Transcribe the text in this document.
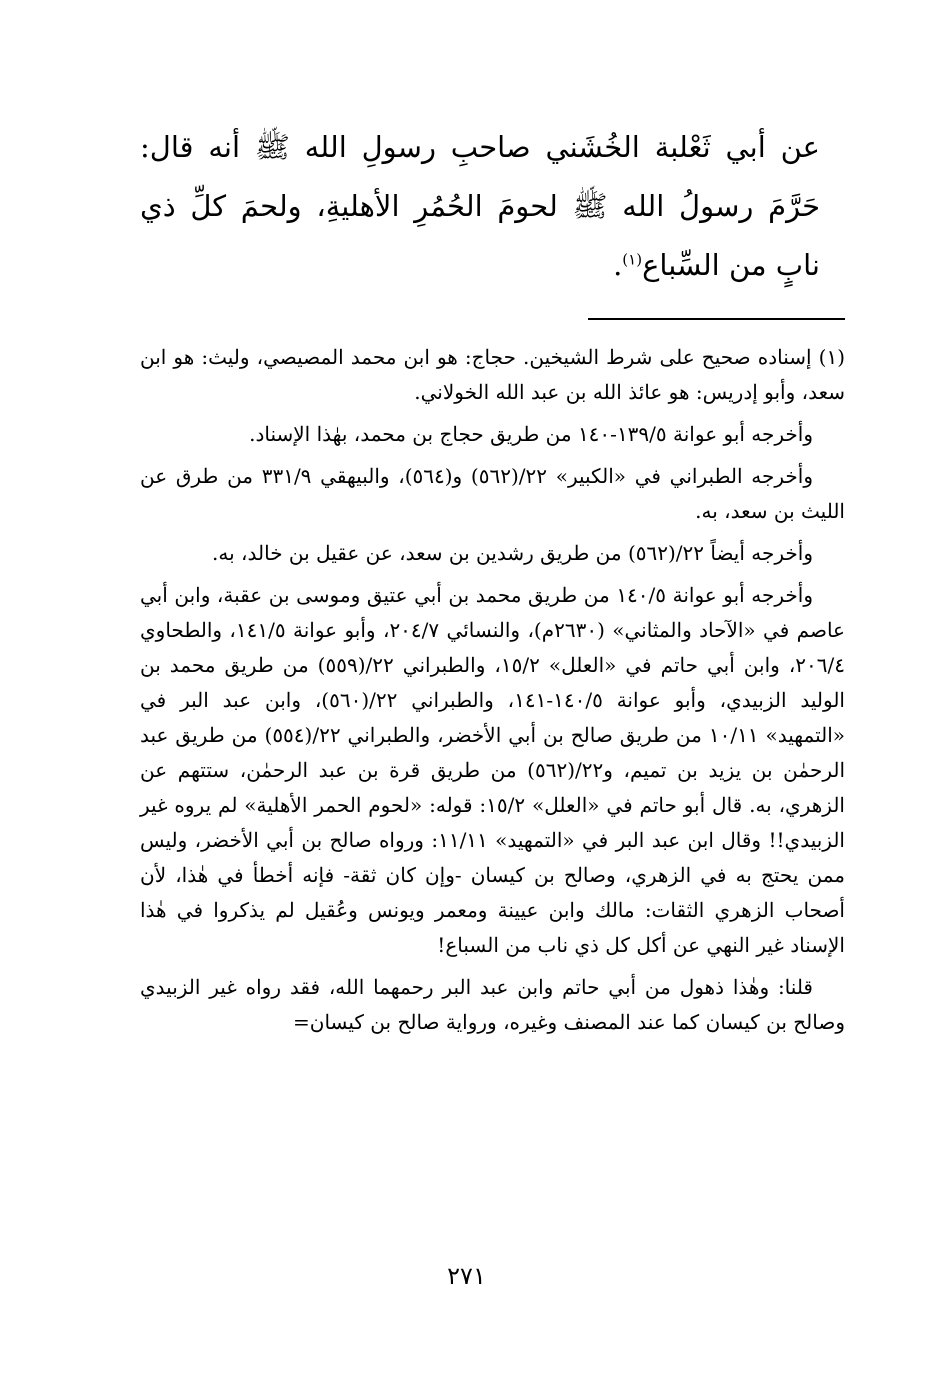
عن أبي ثَعْلبة الخُشَني صاحبِ رسولِ الله ﷺ أنه قال: حَرَّمَ رسولُ الله ﷺ لحومَ الحُمُرِ الأهليةِ، ولحمَ كلِّ ذي نابٍ من السِّباع$^{(١)}$.

(١) إسناده صحيح على شرط الشيخين. حجاج: هو ابن محمد المصيصي، وليث: هو ابن سعد، وأبو إدريس: هو عائذ الله بن عبد الله الخولاني.

وأخرجه أبو عوانة ١٣٩/٥-١٤٠ من طريق حجاج بن محمد، بهٰذا الإسناد.

وأخرجه الطبراني في «الكبير» ٢٢/(٥٦٢) و(٥٦٤)، والبيهقي ٣٣١/٩ من طرق عن الليث بن سعد، به.

وأخرجه أيضاً ٢٢/(٥٦٢) من طريق رشدين بن سعد، عن عقيل بن خالد، به.

وأخرجه أبو عوانة ١٤٠/٥ من طريق محمد بن أبي عتيق وموسى بن عقبة، وابن أبي عاصم في «الآحاد والمثاني» (٢٦٣٠م)، والنسائي ٢٠٤/٧، وأبو عوانة ١٤١/٥، والطحاوي ٢٠٦/٤، وابن أبي حاتم في «العلل» ١٥/٢، والطبراني ٢٢/(٥٥٩) من طريق محمد بن الوليد الزبيدي، وأبو عوانة ١٤٠/٥-١٤١، والطبراني ٢٢/(٥٦٠)، وابن عبد البر في «التمهيد» ١٠/١١ من طريق صالح بن أبي الأخضر، والطبراني ٢٢/(٥٥٤) من طريق عبد الرحمٰن بن يزيد بن تميم، و٢٢/(٥٦٢) من طريق قرة بن عبد الرحمٰن، ستتهم عن الزهري، به. قال أبو حاتم في «العلل» ١٥/٢: قوله: «لحوم الحمر الأهلية» لم يروه غير الزبيدي!! وقال ابن عبد البر في «التمهيد» ١١/١١: ورواه صالح بن أبي الأخضر، وليس ممن يحتج به في الزهري، وصالح بن كيسان -وإن كان ثقة- فإنه أخطأ في هٰذا، لأن أصحاب الزهري الثقات: مالك وابن عيينة ومعمر ويونس وعُقيل لم يذكروا في هٰذا الإسناد غير النهي عن أكل كل ذي ناب من السباع!

قلنا: وهٰذا ذهول من أبي حاتم وابن عبد البر رحمهما الله، فقد رواه غير الزبيدي وصالح بن كيسان كما عند المصنف وغيره، ورواية صالح بن كيسان=

٢٧١
